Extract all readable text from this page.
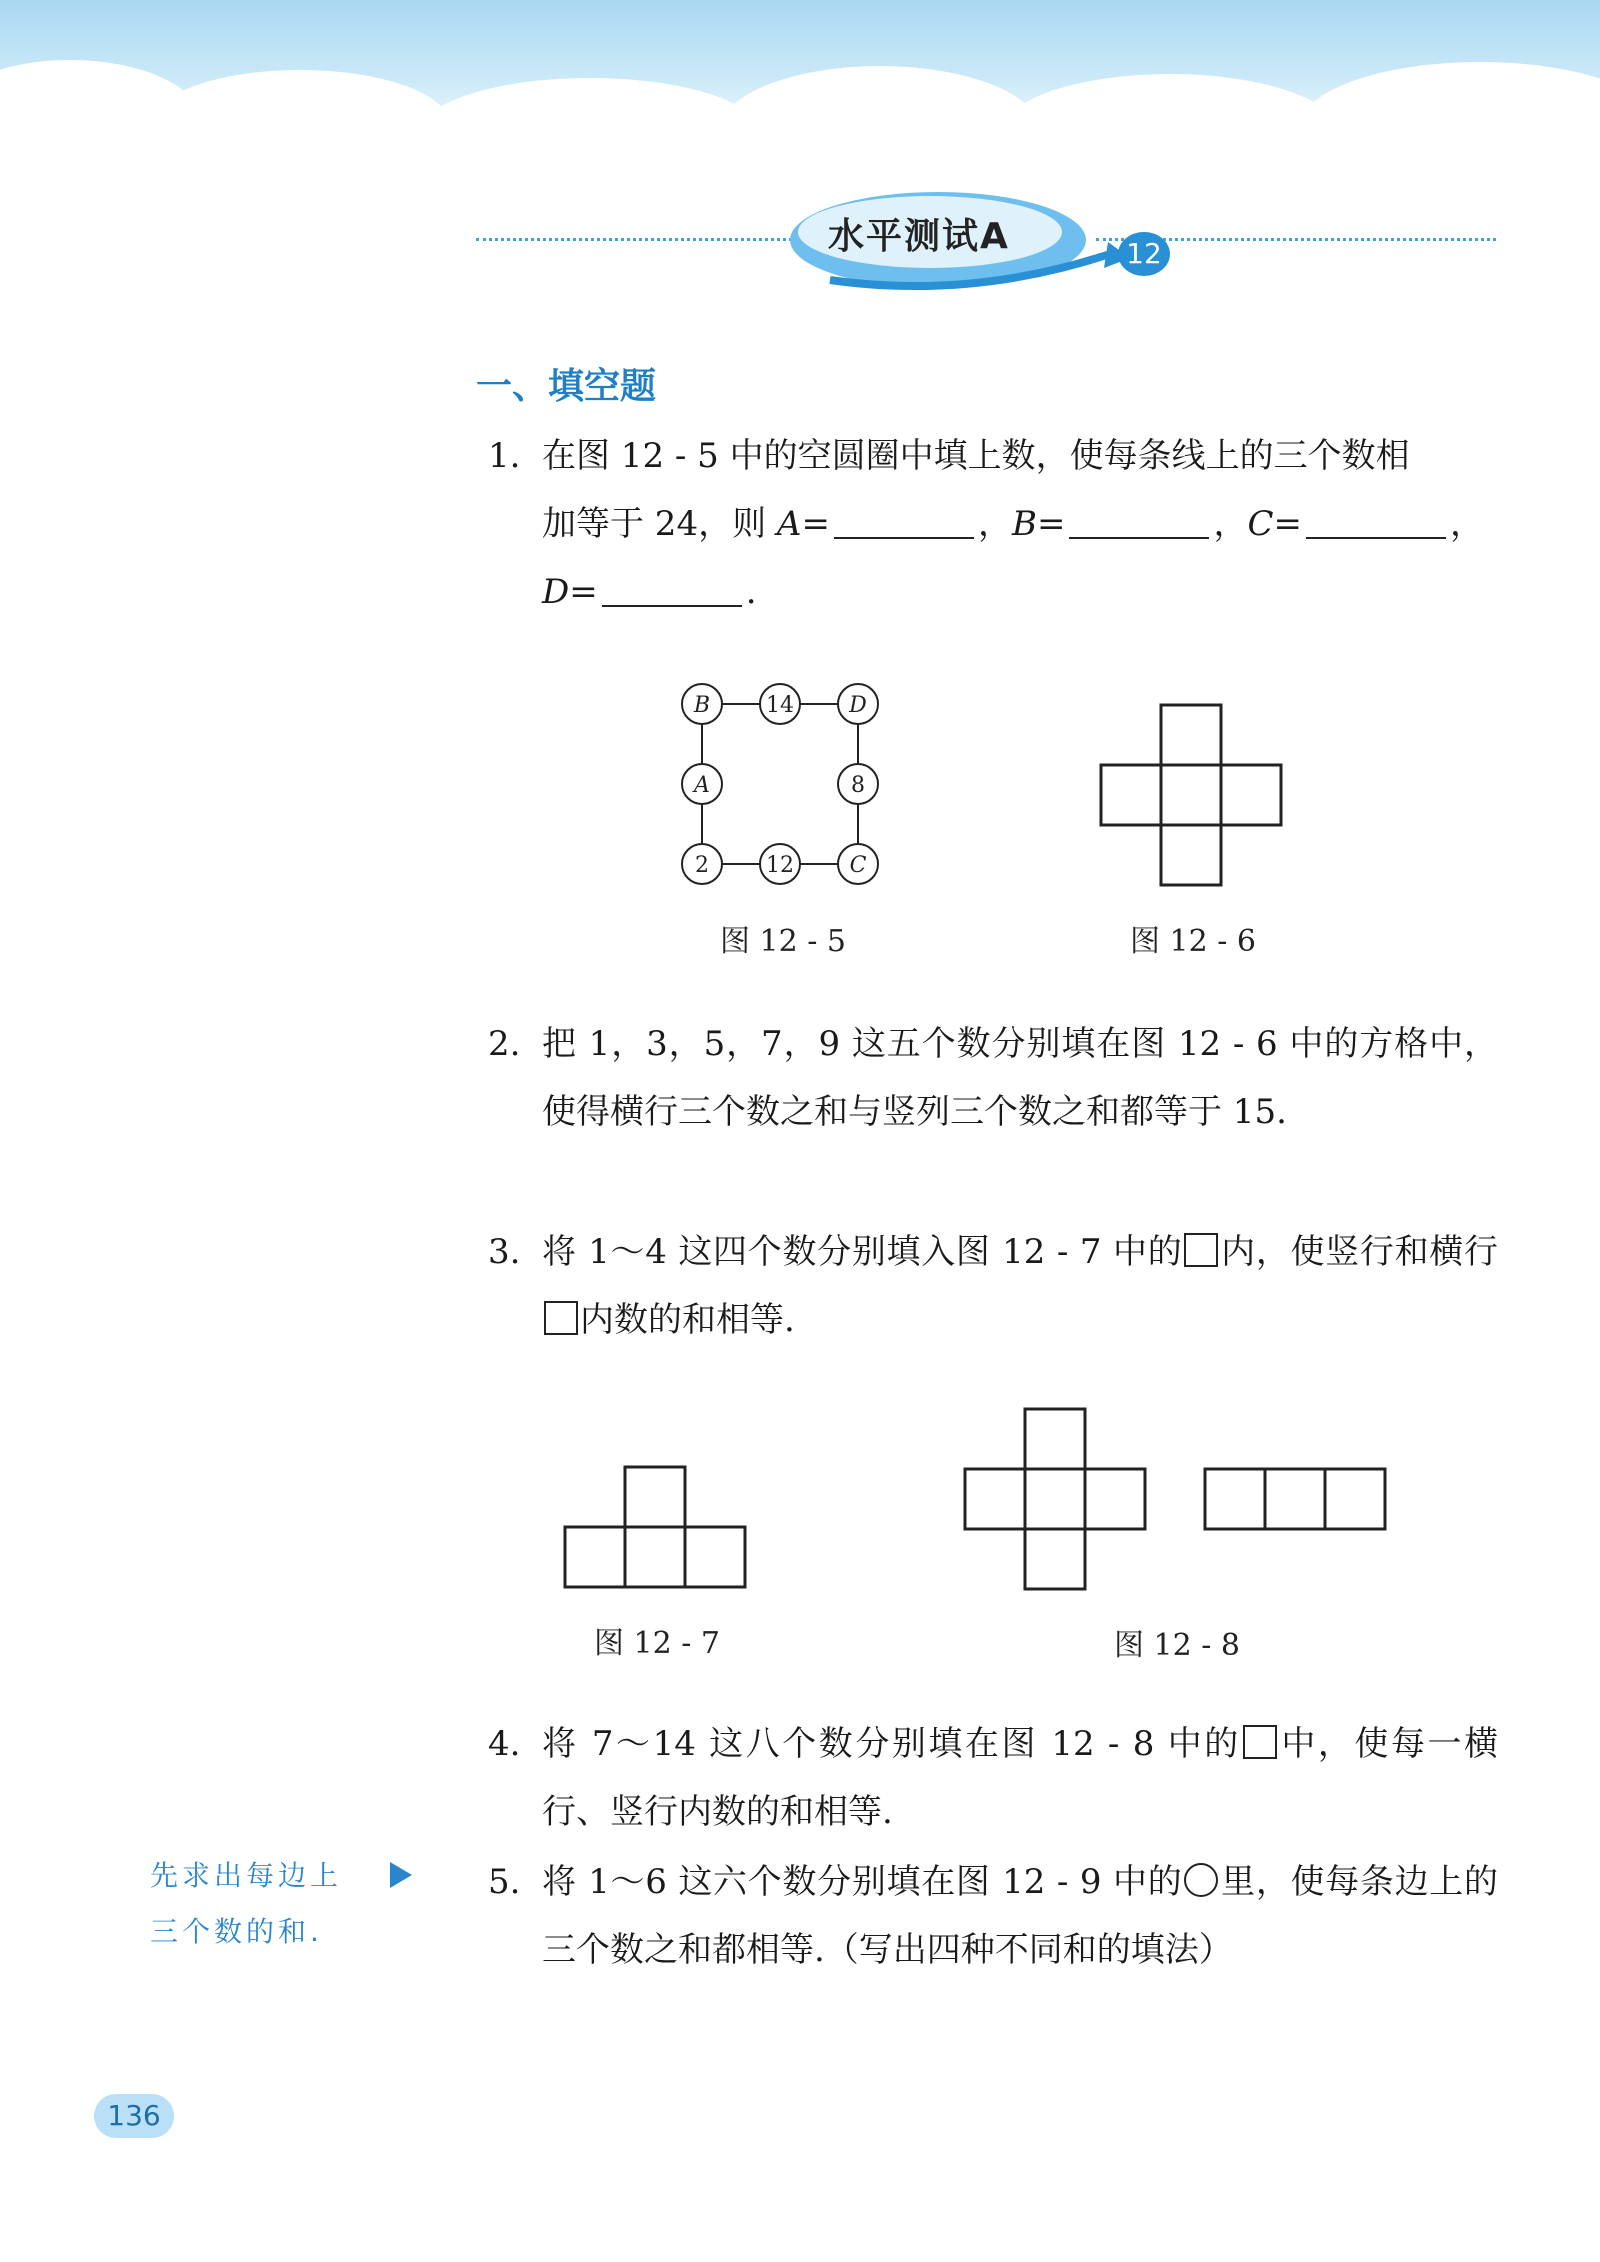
水平测试A	12
一、填空题
1. 在图 12 - 5 中的空圆圈中填上数，使每条线上的三个数相
加等于 24，则 A=	，B=	，C=	，
D=	.
B	14	D
A	8
2	12	C
图 12 - 5	图 12 - 6
2. 把 1，3，5，7，9 这五个数分别填在图 12 - 6 中的方格中，使得横行三个数之和与竖列三个数之和都等于 15.
3. 将 1～4 这四个数分别填入图 12 - 7 中的 内，使竖行和横行内数的和相等.
图 12 - 7	图 12 - 8
4. 将 7～14 这八个数分别填在图 12 - 8 中的 中，使每一横行、竖行内数的和相等.
5. 将 1～6 这六个数分别填在图 12 - 9 中的 里，使每条边上的三个数之和都相等.（写出四种不同和的填法）
先求出每边上
三个数的和.
136
